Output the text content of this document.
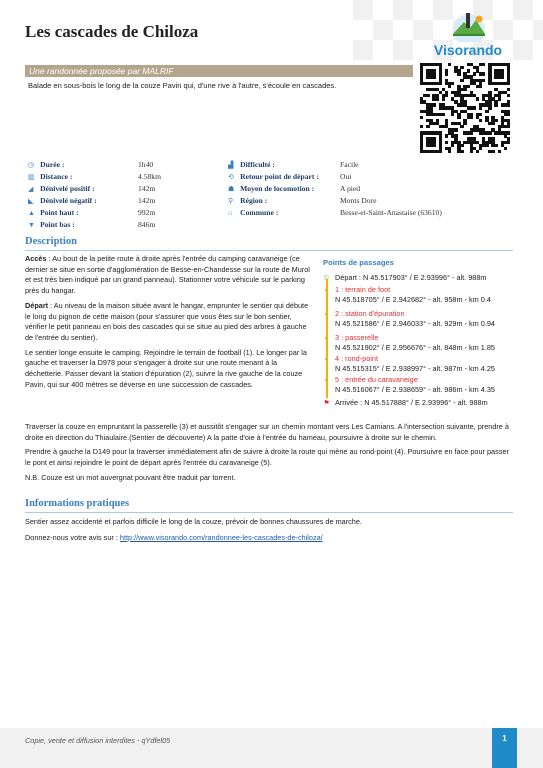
Les cascades de Chiloza
Visorando
Une randonnée proposée par MALRIF
Balade en sous-bois le long de la couze Pavin qui, d'une rive à l'autre, s'écoule en cascades.
◷ Durée :	1h40
▥ Distance :	4.58km
◢ Dénivelé positif :	142m
◣ Dénivelé négatif :	142m
▲ Point haut :	992m
▼ Point bas :	846m
▟ Difficulté :	Facile
⟲ Retour point de départ :	Oui
☗ Moyen de locomotion :	A pied
⚲ Région :	Monts Dore
⌂ Commune :	Besse-et-Saint-Anastaise (63610)
Description

Accès : Au bout de la petite route à droite après l'entrée du camping caravaneige (ce dernier se situe en sortie d'agglomération de Besse-en-Chandesse sur la route de Murol et est très bien indiqué par un grand panneau). Stationner votre véhicule sur le parking près du hangar.

Départ : Au niveau de la maison située avant le hangar, emprunter le sentier qui débute le long du pignon de cette maison (pour s'assurer que vous êtes sur le bon sentier, vérifier le petit panneau en bois des cascades qui se situe au pied des arbres à gauche de l'entrée du sentier).

Le sentier longe ensuite le camping. Rejoindre le terrain de football (1). Le longer par la gauche et traverser la D978 pour s'engager à droite sur une route menant à la déchetterie. Passer devant la station d'épuration (2), suivre la rive gauche de la couze Pavin, qui sur 400 mètres se déverse en une succession de cascades.

Traverser la couze en empruntant la passerelle (3) et aussitôt s'engager sur un chemin montant vers Les Camians. A l'intersection suivante, prendre à droite en direction du Thiaulaire.(Sentier de découverte) A la patte d'oie à l'entrée du hameau, poursuivre à droite sur le chemin.

Prendre à gauche la D149 pour la traverser immédiatement afin de suivre à droite la route qui mène au rond-point (4). Poursuivre en face pour passer le pont et ainsi rejoindre le point de départ après l'entrée du caravaneige (5).

N.B. Couze est un mot auvergnat pouvant être traduit par torrent.

Points de passages
⚐ Départ : N 45.517903° / E 2.93996° - alt. 988m
● 1 : terrain de foot
N 45.518705° / E 2.942682° - alt. 958m - km 0.4
● 2 : station d'épuration
N 45.521586° / E 2.946033° - alt. 929m - km 0.94
● 3 : passerelle
N 45.521902° / E 2.956676° - alt. 848m - km 1.85
● 4 : rond-point
N 45.515315° / E 2.938997° - alt. 987m - km 4.25
● 5 : entrée du caravaneige
N 45.516067° / E 2.938659° - alt. 986m - km 4.35
⚑ Arrivée : N 45.517888° / E 2.93996° - alt. 988m
Informations pratiques

Sentier assez accidenté et parfois difficile le long de la couze, prévoir de bonnes chaussures de marche.

Donnez-nous votre avis sur : http://www.visorando.com/randonnee-les-cascades-de-chiloza/

Copie, vente et diffusion interdites - qYdfel05	1
